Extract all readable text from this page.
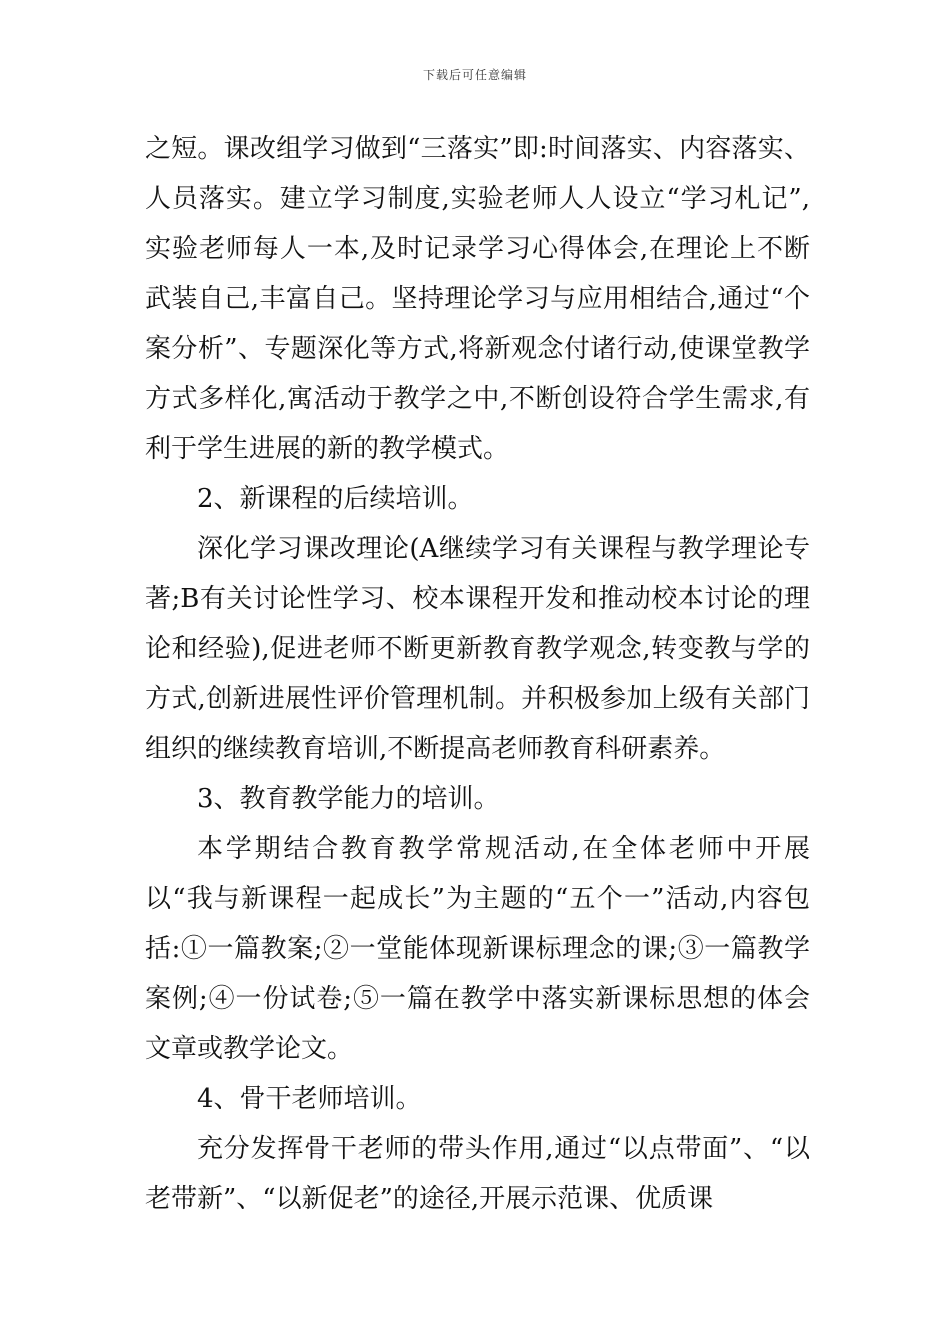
下载后可任意编辑

之短。课改组学习做到“三落实”即:时间落实、内容落实、人员落实。建立学习制度,实验老师人人设立“学习札记”,实验老师每人一本,及时记录学习心得体会,在理论上不断武装自己,丰富自己。坚持理论学习与应用相结合,通过“个案分析”、专题深化等方式,将新观念付诸行动,使课堂教学方式多样化,寓活动于教学之中,不断创设符合学生需求,有利于学生进展的新的教学模式。

2、新课程的后续培训。

深化学习课改理论(A继续学习有关课程与教学理论专著;B有关讨论性学习、校本课程开发和推动校本讨论的理论和经验),促进老师不断更新教育教学观念,转变教与学的方式,创新进展性评价管理机制。并积极参加上级有关部门组织的继续教育培训,不断提高老师教育科研素养。

3、教育教学能力的培训。

本学期结合教育教学常规活动,在全体老师中开展以“我与新课程一起成长”为主题的“五个一”活动,内容包括:①一篇教案;②一堂能体现新课标理念的课;③一篇教学案例;④一份试卷;⑤一篇在教学中落实新课标思想的体会文章或教学论文。

4、骨干老师培训。

充分发挥骨干老师的带头作用,通过“以点带面”、“以老带新”、“以新促老”的途径,开展示范课、优质课
